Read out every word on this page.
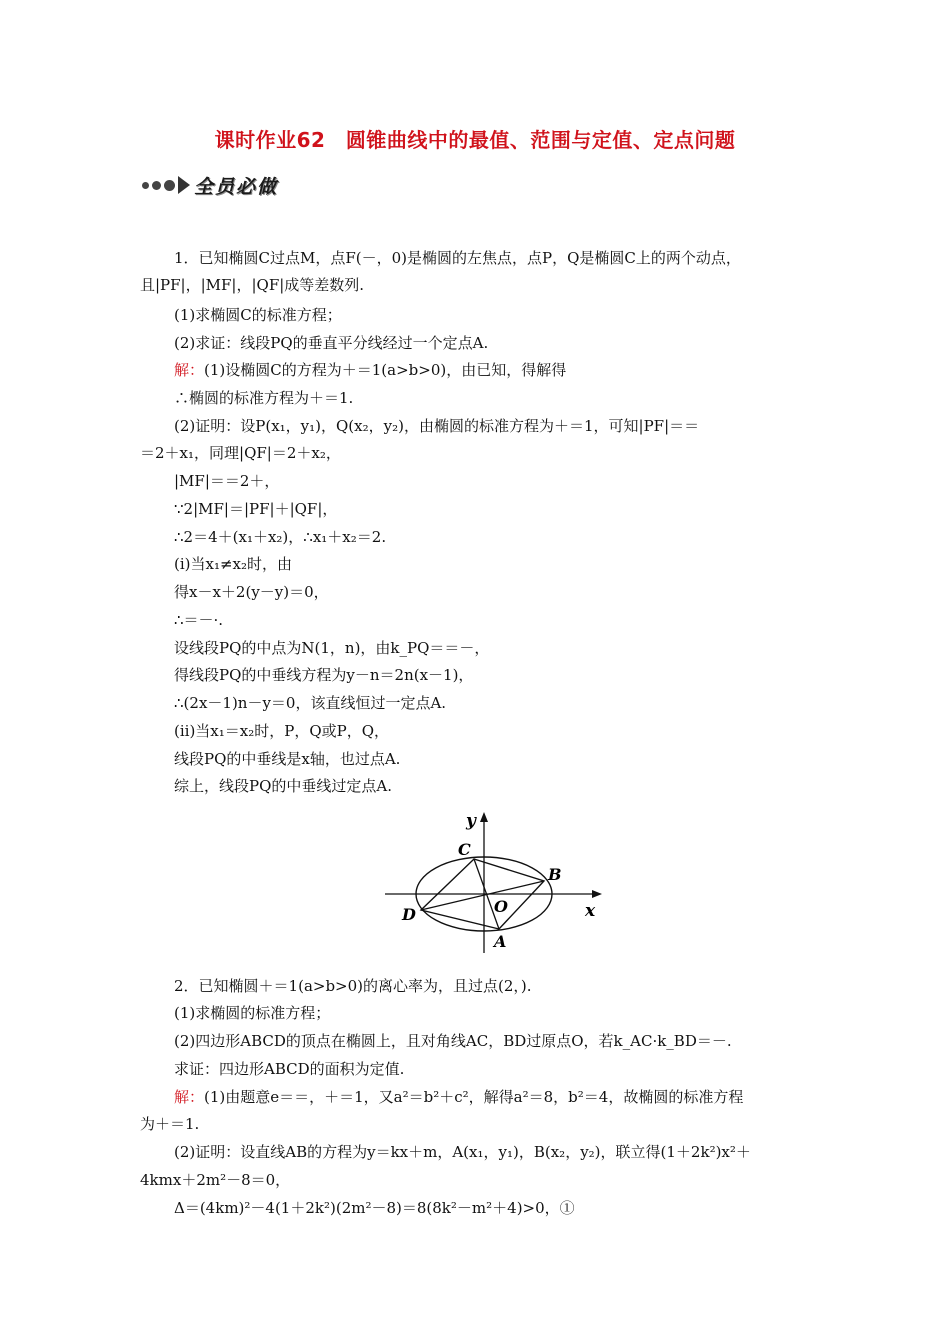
课时作业62　圆锥曲线中的最值、范围与定值、定点问题
全员必做
1．已知椭圆C过点M，点F(－，0)是椭圆的左焦点，点P，Q是椭圆C上的两个动点，
且|PF|，|MF|，|QF|成等差数列.
(1)求椭圆C的标准方程；
(2)求证：线段PQ的垂直平分线经过一个定点A.
解：(1)设椭圆C的方程为＋＝1(a>b>0)，由已知，得解得
∴椭圆的标准方程为＋＝1.
(2)证明：设P(x₁，y₁)，Q(x₂，y₂)，由椭圆的标准方程为＋＝1，可知|PF|＝＝
＝2＋x₁，同理|QF|＝2＋x₂，
|MF|＝＝2＋，
∵2|MF|＝|PF|＋|QF|，
∴2＝4＋(x₁＋x₂)，∴x₁＋x₂＝2.
(ⅰ)当x₁≠x₂时，由
得x－x＋2(y－y)＝0，
∴＝－·.
设线段PQ的中点为N(1，n)，由k_PQ＝＝－，
得线段PQ的中垂线方程为y－n＝2n(x－1)，
∴(2x－1)n－y＝0，该直线恒过一定点A.
(ⅱ)当x₁＝x₂时，P，Q或P，Q，
线段PQ的中垂线是x轴，也过点A.
综上，线段PQ的中垂线过定点A.
2．已知椭圆＋＝1(a>b>0)的离心率为，且过点(2，).
(1)求椭圆的标准方程；
(2)四边形ABCD的顶点在椭圆上，且对角线AC，BD过原点O，若k_AC·k_BD＝－.
求证：四边形ABCD的面积为定值.
解：(1)由题意e＝＝，＋＝1，又a²＝b²＋c²，解得a²＝8，b²＝4，故椭圆的标准方程
为＋＝1.
(2)证明：设直线AB的方程为y＝kx＋m，A(x₁，y₁)，B(x₂，y₂)，联立得(1＋2k²)x²＋
4kmx＋2m²－8＝0，
Δ＝(4km)²－4(1＋2k²)(2m²－8)＝8(8k²－m²＋4)>0，①
y
x
C
B
O
D
A
